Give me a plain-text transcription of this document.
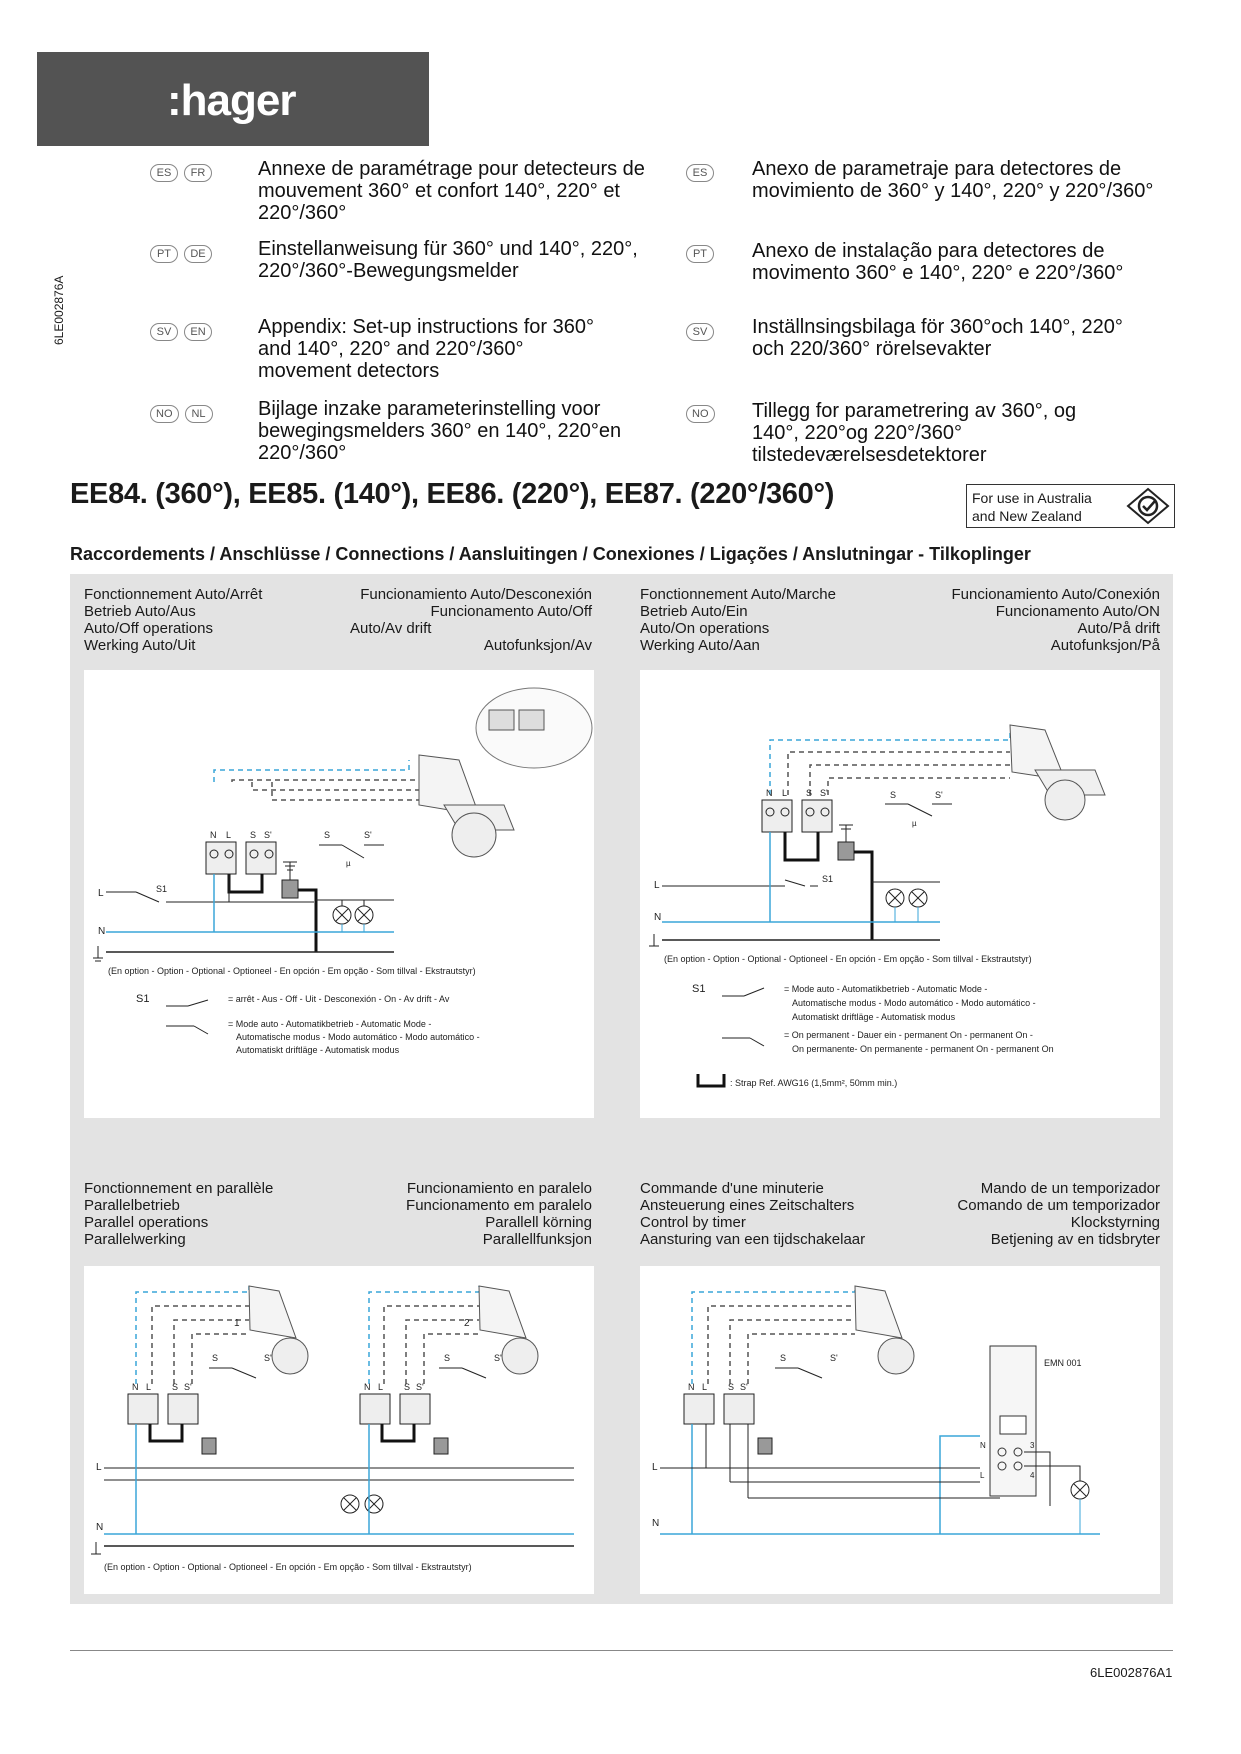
:hager
6LE002876A
ES	FR	Annexe de paramétrage pour detecteurs de mouvement 360° et confort 140°, 220° et 220°/360°
ES	Anexo de parametraje para detectores de movimiento de 360° y 140°, 220° y 220°/360°
PT	DE	Einstellanweisung für 360° und 140°, 220°, 220°/360°-Bewegungsmelder
PT	Anexo de instalação para detectores de movimento 360° e 140°, 220° e 220°/360°
SV	EN	Appendix: Set-up instructions for 360° and 140°, 220° and 220°/360° movement detectors
SV	Inställnsingsbilaga för 360°och 140°, 220° och 220/360° rörelsevakter
NO	NL	Bijlage inzake parameterinstelling voor bewegingsmelders 360° en 140°, 220°en 220°/360°
NO	Tillegg for parametrering av 360°, og 140°, 220°og 220°/360° tilstedeværelsesdetektorer
EE84. (360°), EE85. (140°), EE86. (220°), EE87. (220°/360°)	For use in Australia
and New Zealand
Raccordements / Anschlüsse / Connections / Aansluitingen / Conexiones / Ligações / Anslutningar - Tilkoplinger
Fonctionnement Auto/Arrêt
Betrieb Auto/Aus
Auto/Off operations
Werking Auto/Uit
Funcionamiento Auto/Desconexión
Funcionamento Auto/Off
Auto/Av drift
Autofunksjon/Av
Fonctionnement Auto/Marche
Betrieb Auto/Ein
Auto/On operations
Werking Auto/Aan
Funcionamiento Auto/Conexión
Funcionamento Auto/ON
Auto/På drift
Autofunksjon/På
Fonctionnement en parallèle
Parallelbetrieb
Parallel operations
Parallelwerking
Funcionamiento en paralelo
Funcionamento em paralelo
Parallell körning
Parallellfunksjon
Commande d'une minuterie
Ansteuerung eines Zeitschalters
Control by timer
Aansturing van een tijdschakelaar
Mando de un temporizador
Comando de um temporizador
Klockstyrning
Betjening av en tidsbryter
N L S S'	S	S'
µ
L	S1
N
(En option - Option - Optional - Optioneel - En opción - Em opção - Som tillval - Ekstrautstyr)
S1	= arrêt - Aus - Off - Uit - Desconexión - On - Av drift - Av
= Mode auto - Automatikbetrieb - Automatic Mode -
Automatische modus - Modo automático - Modo automático -
Automatiskt driftläge - Automatisk modus
N L S S'	S	S'
µ
S1
L
N
(En option - Option - Optional - Optioneel - En opción - Em opção - Som tillval - Ekstrautstyr)
S1	= Mode auto - Automatikbetrieb - Automatic Mode -
Automatische modus - Modo automático - Modo automático -
Automatiskt driftläge - Automatisk modus
= On permanent - Dauer ein - permanent On - permanent On -
On permanente- On permanente - permanent On - permanent On
: Strap Ref. AWG16 (1,5mm², 50mm min.)
1	2
N L S S'	N L S S'
S	S'	S	S'
L
N
(En option - Option - Optional - Optioneel - En opción - Em opção - Som tillval - Ekstrautstyr)
N L S S'
S	S'	EMN 001
N	3
L	4
L
N
6LE002876A1
